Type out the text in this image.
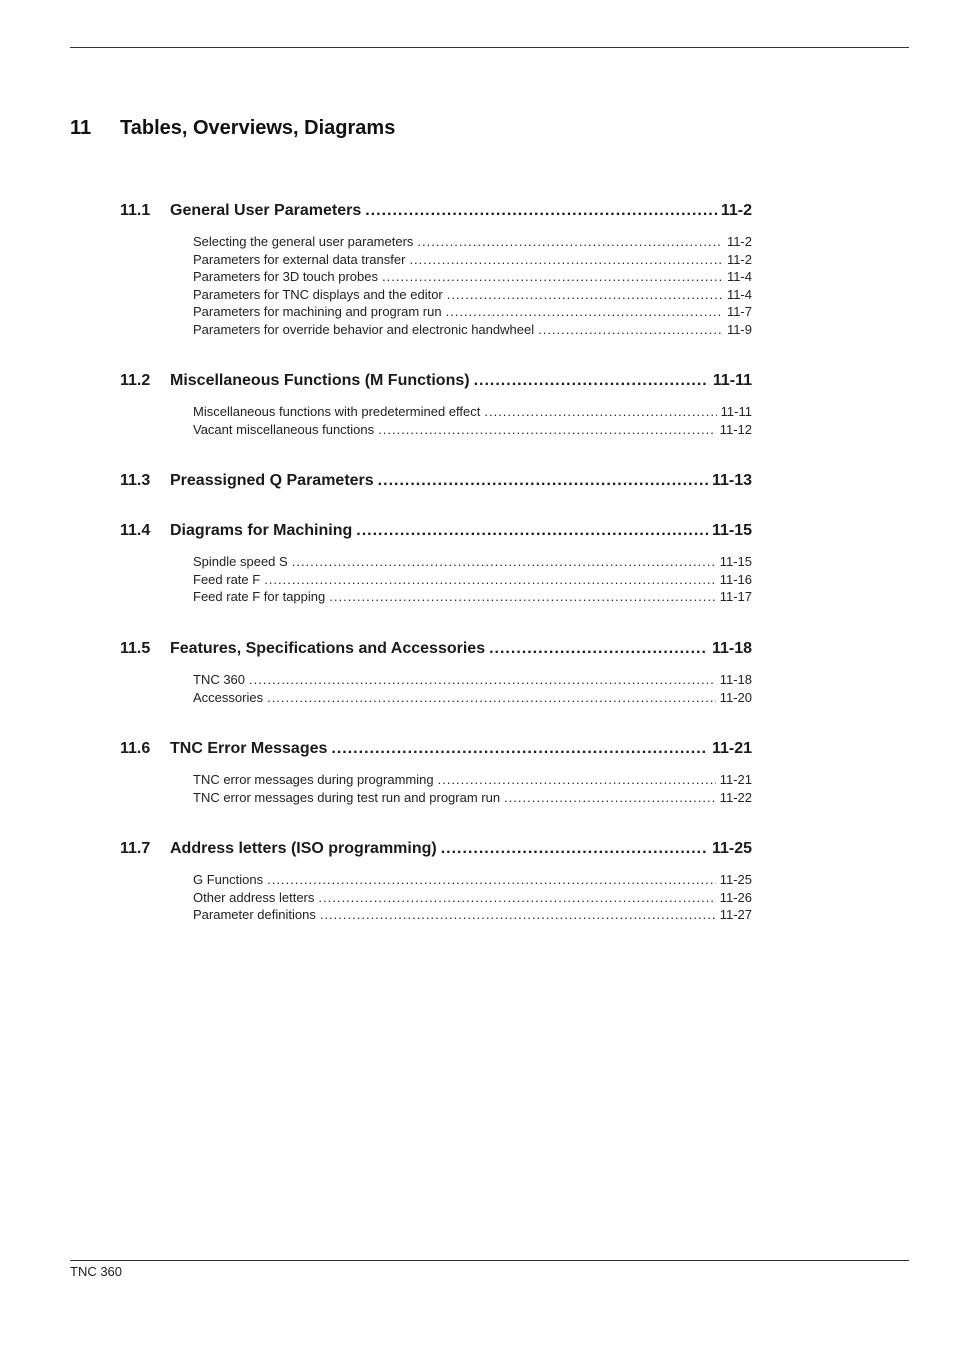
11 Tables, Overviews, Diagrams
11.1	General User Parameters .....	11-2
Selecting the general user parameters .....	11-2
Parameters for external data transfer .....	11-2
Parameters for 3D touch probes .....	11-4
Parameters for TNC displays and the editor .....	11-4
Parameters for machining and program run .....	11-7
Parameters for override behavior and electronic handwheel .....	11-9
11.2	Miscellaneous Functions (M Functions) .....	11-11
Miscellaneous functions with predetermined effect .....	11-11
Vacant miscellaneous functions .....	11-12
11.3	Preassigned Q Parameters .....	11-13
11.4	Diagrams for Machining .....	11-15
Spindle speed S .....	11-15
Feed rate F .....	11-16
Feed rate F for tapping .....	11-17
11.5	Features, Specifications and Accessories .....	11-18
TNC 360 .....	11-18
Accessories .....	11-20
11.6	TNC Error Messages .....	11-21
TNC error messages during programming .....	11-21
TNC error messages during test run and program run .....	11-22
11.7	Address letters (ISO programming) .....	11-25
G Functions .....	11-25
Other address letters .....	11-26
Parameter definitions .....	11-27
TNC 360
